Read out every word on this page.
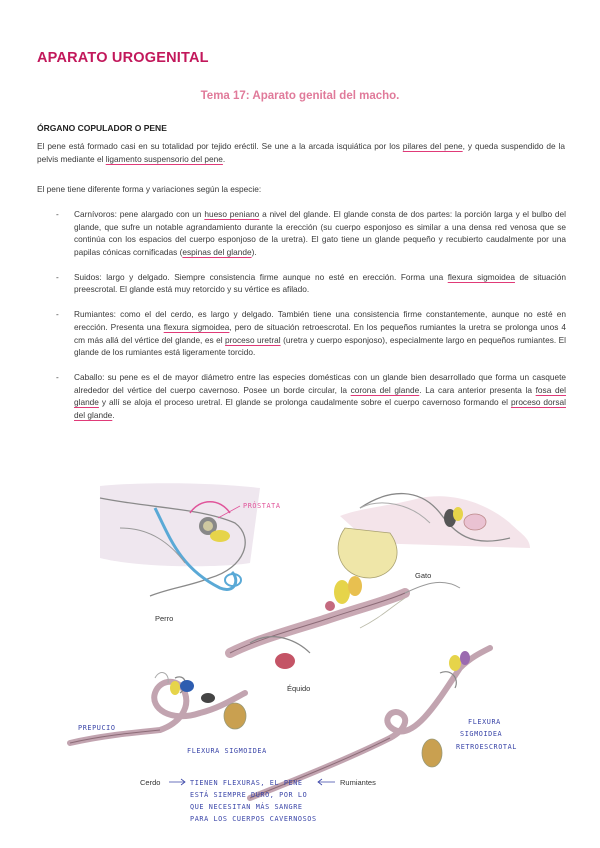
APARATO UROGENITAL
Tema 17: Aparato genital del macho.
ÓRGANO COPULADOR O PENE

El pene está formado casi en su totalidad por tejido eréctil. Se une a la arcada isquiática por los pilares del pene, y queda suspendido de la pelvis mediante el ligamento suspensorio del pene.

El pene tiene diferente forma y variaciones según la especie:

- Carnívoros: pene alargado con un hueso peniano a nivel del glande. El glande consta de dos partes: la porción larga y el bulbo del glande, que sufre un notable agrandamiento durante la erección (su cuerpo esponjoso es similar a una densa red venosa que se continúa con los espacios del cuerpo esponjoso de la uretra). El gato tiene un glande pequeño y recubierto caudalmente por una papilas cónicas cornificadas (espinas del glande).
- Suidos: largo y delgado. Siempre consistencia firme aunque no esté en erección. Forma una flexura sigmoidea de situación preescrotal. El glande está muy retorcido y su vértice es afilado.
- Rumiantes: como el del cerdo, es largo y delgado. También tiene una consistencia firme constantemente, aunque no esté en erección. Presenta una flexura sigmoidea, pero de situación retroescrotal. En los pequeños rumiantes la uretra se prolonga unos 4 cm más allá del vértice del glande, es el proceso uretral (uretra y cuerpo esponjoso), especialmente largo en pequeños rumiantes. El glande de los rumiantes está ligeramente torcido.
- Caballo: su pene es el de mayor diámetro entre las especies domésticas con un glande bien desarrollado que forma un casquete alrededor del vértice del cuerpo cavernoso. Posee un borde circular, la corona del glande. La cara anterior presenta la fosa del glande y allí se aloja el proceso uretral. El glande se prolonga caudalmente sobre el cuerpo cavernoso formando el proceso dorsal del glande.
PRÓSTATA
Perro
Gato
Équido
PREPUCIO
FLEXURA SIGMOIDEA
Cerdo
FLEXURA
SIGMOIDEA
RETROESCROTAL
Rumiantes
TIENEN FLEXURAS, EL PENE
ESTÁ SIEMPRE DURO, POR LO
QUE NECESITAN MÁS SANGRE
PARA LOS CUERPOS CAVERNOSOS
